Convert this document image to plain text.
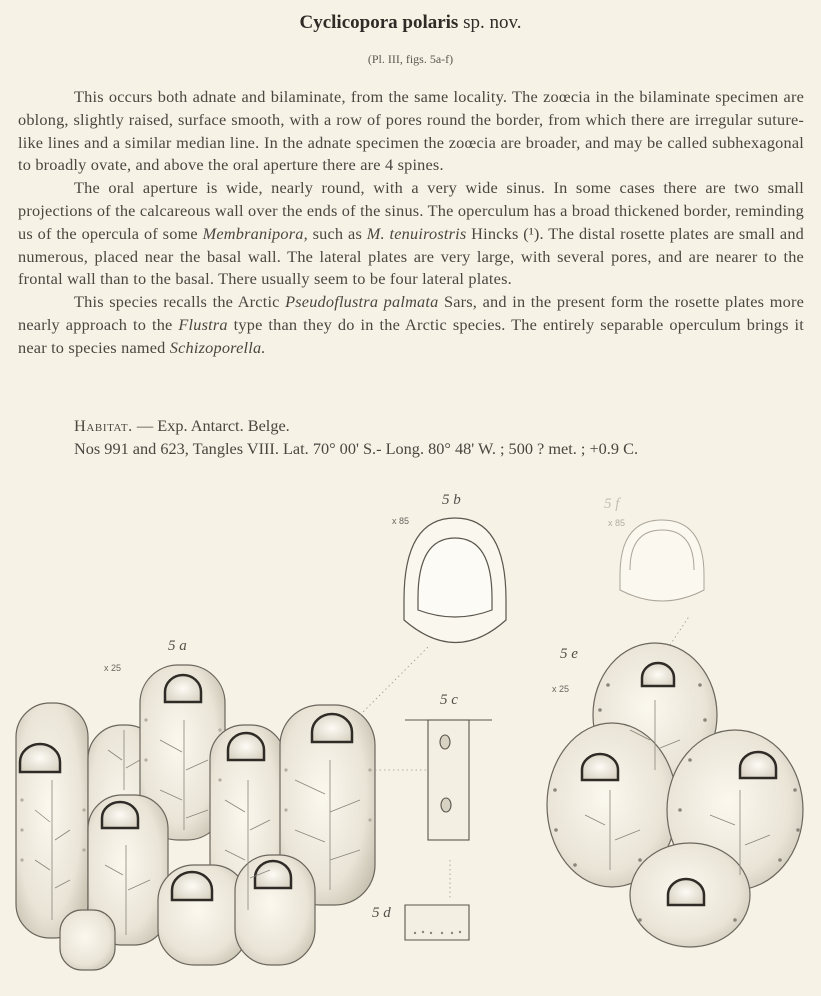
Cyclicopora polaris sp. nov.
(Pl. III, figs. 5a-f)

This occurs both adnate and bilaminate, from the same locality. The zoœcia in the bilaminate specimen are oblong, slightly raised, surface smooth, with a row of pores round the border, from which there are irregular suture-like lines and a similar median line. In the adnate specimen the zoœcia are broader, and may be called subhexagonal to broadly ovate, and above the oral aperture there are 4 spines.

The oral aperture is wide, nearly round, with a very wide sinus. In some cases there are two small projections of the calcareous wall over the ends of the sinus. The operculum has a broad thickened border, reminding us of the opercula of some Membranipora, such as M. tenuirostris Hincks (¹). The distal rosette plates are small and numerous, placed near the basal wall. The lateral plates are very large, with several pores, and are nearer to the frontal wall than to the basal. There usually seem to be four lateral plates.

This species recalls the Arctic Pseudoflustra palmata Sars, and in the present form the rosette plates more nearly approach to the Flustra type than they do in the Arctic species. The entirely separable operculum brings it near to species named Schizoporella.

Habitat. — Exp. Antarct. Belge.
Nos 991 and 623, Tangles VIII. Lat. 70° 00' S.- Long. 80° 48' W. ; 500 ? met. ; +0.9 C.
5 a
x 25
5 b
x 85
5 c
5 d
5 e
x 25
5 f
x 85
